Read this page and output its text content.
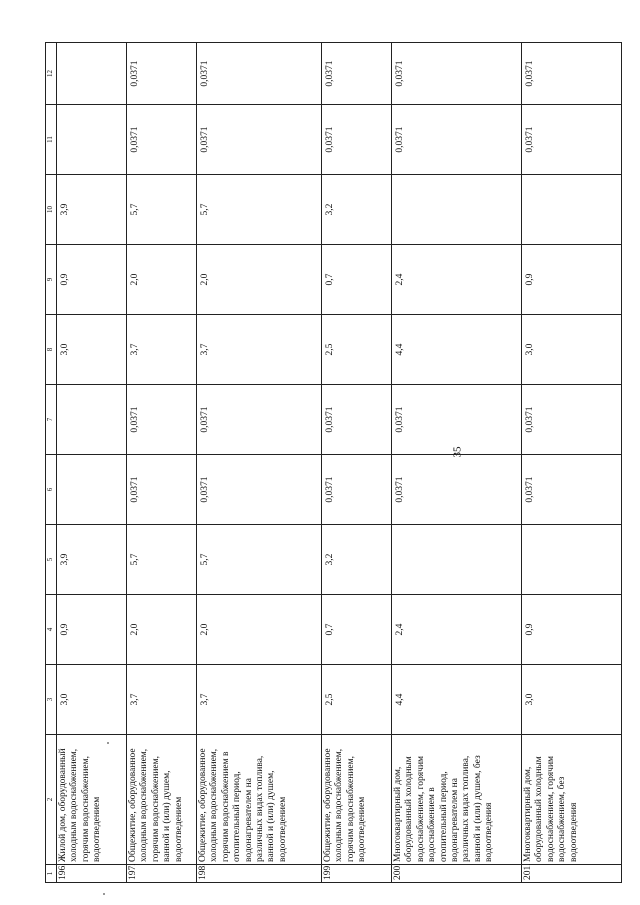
35
1	2	3	4	5	6	7	8	9	10	11	12
196.	Жилой дом, оборудованный холодным водоснабжением, горячим водоснабжением, водоотведением	3,0	0,9	3,9			3,0	0,9	3,9		
197.	Общежитие, оборудованное холодным водоснабжением, горячим водоснабжением, ванной и (или) душем, водоотведением	3,7	2,0	5,7	0,0371	0,0371	3,7	2,0	5,7	0,0371	0,0371
198.	Общежитие, оборудованное холодным водоснабжением, горячим водоснабжением в отопительный период, водонагревателем на различных видах топлива, ванной и (или) душем, водоотведением	3,7	2,0	5,7	0,0371	0,0371	3,7	2,0	5,7	0,0371	0,0371
199.	Общежитие, оборудованное холодным водоснабжением, горячим водоснабжением, водоотведением	2,5	0,7	3,2	0,0371	0,0371	2,5	0,7	3,2	0,0371	0,0371
200.	Многоквартирный дом, оборудованный холодным водоснабжением, горячим водоснабжением в отопительный период, водонагревателем на различных видах топлива, ванной и (или) душем, без водоотведения	4,4	2,4		0,0371	0,0371	4,4	2,4		0,0371	0,0371
201.	Многоквартирный дом, оборудованный холодным водоснабжением, горячим водоснабжением, без водоотведения	3,0	0,9		0,0371	0,0371	3,0	0,9		0,0371	0,0371
